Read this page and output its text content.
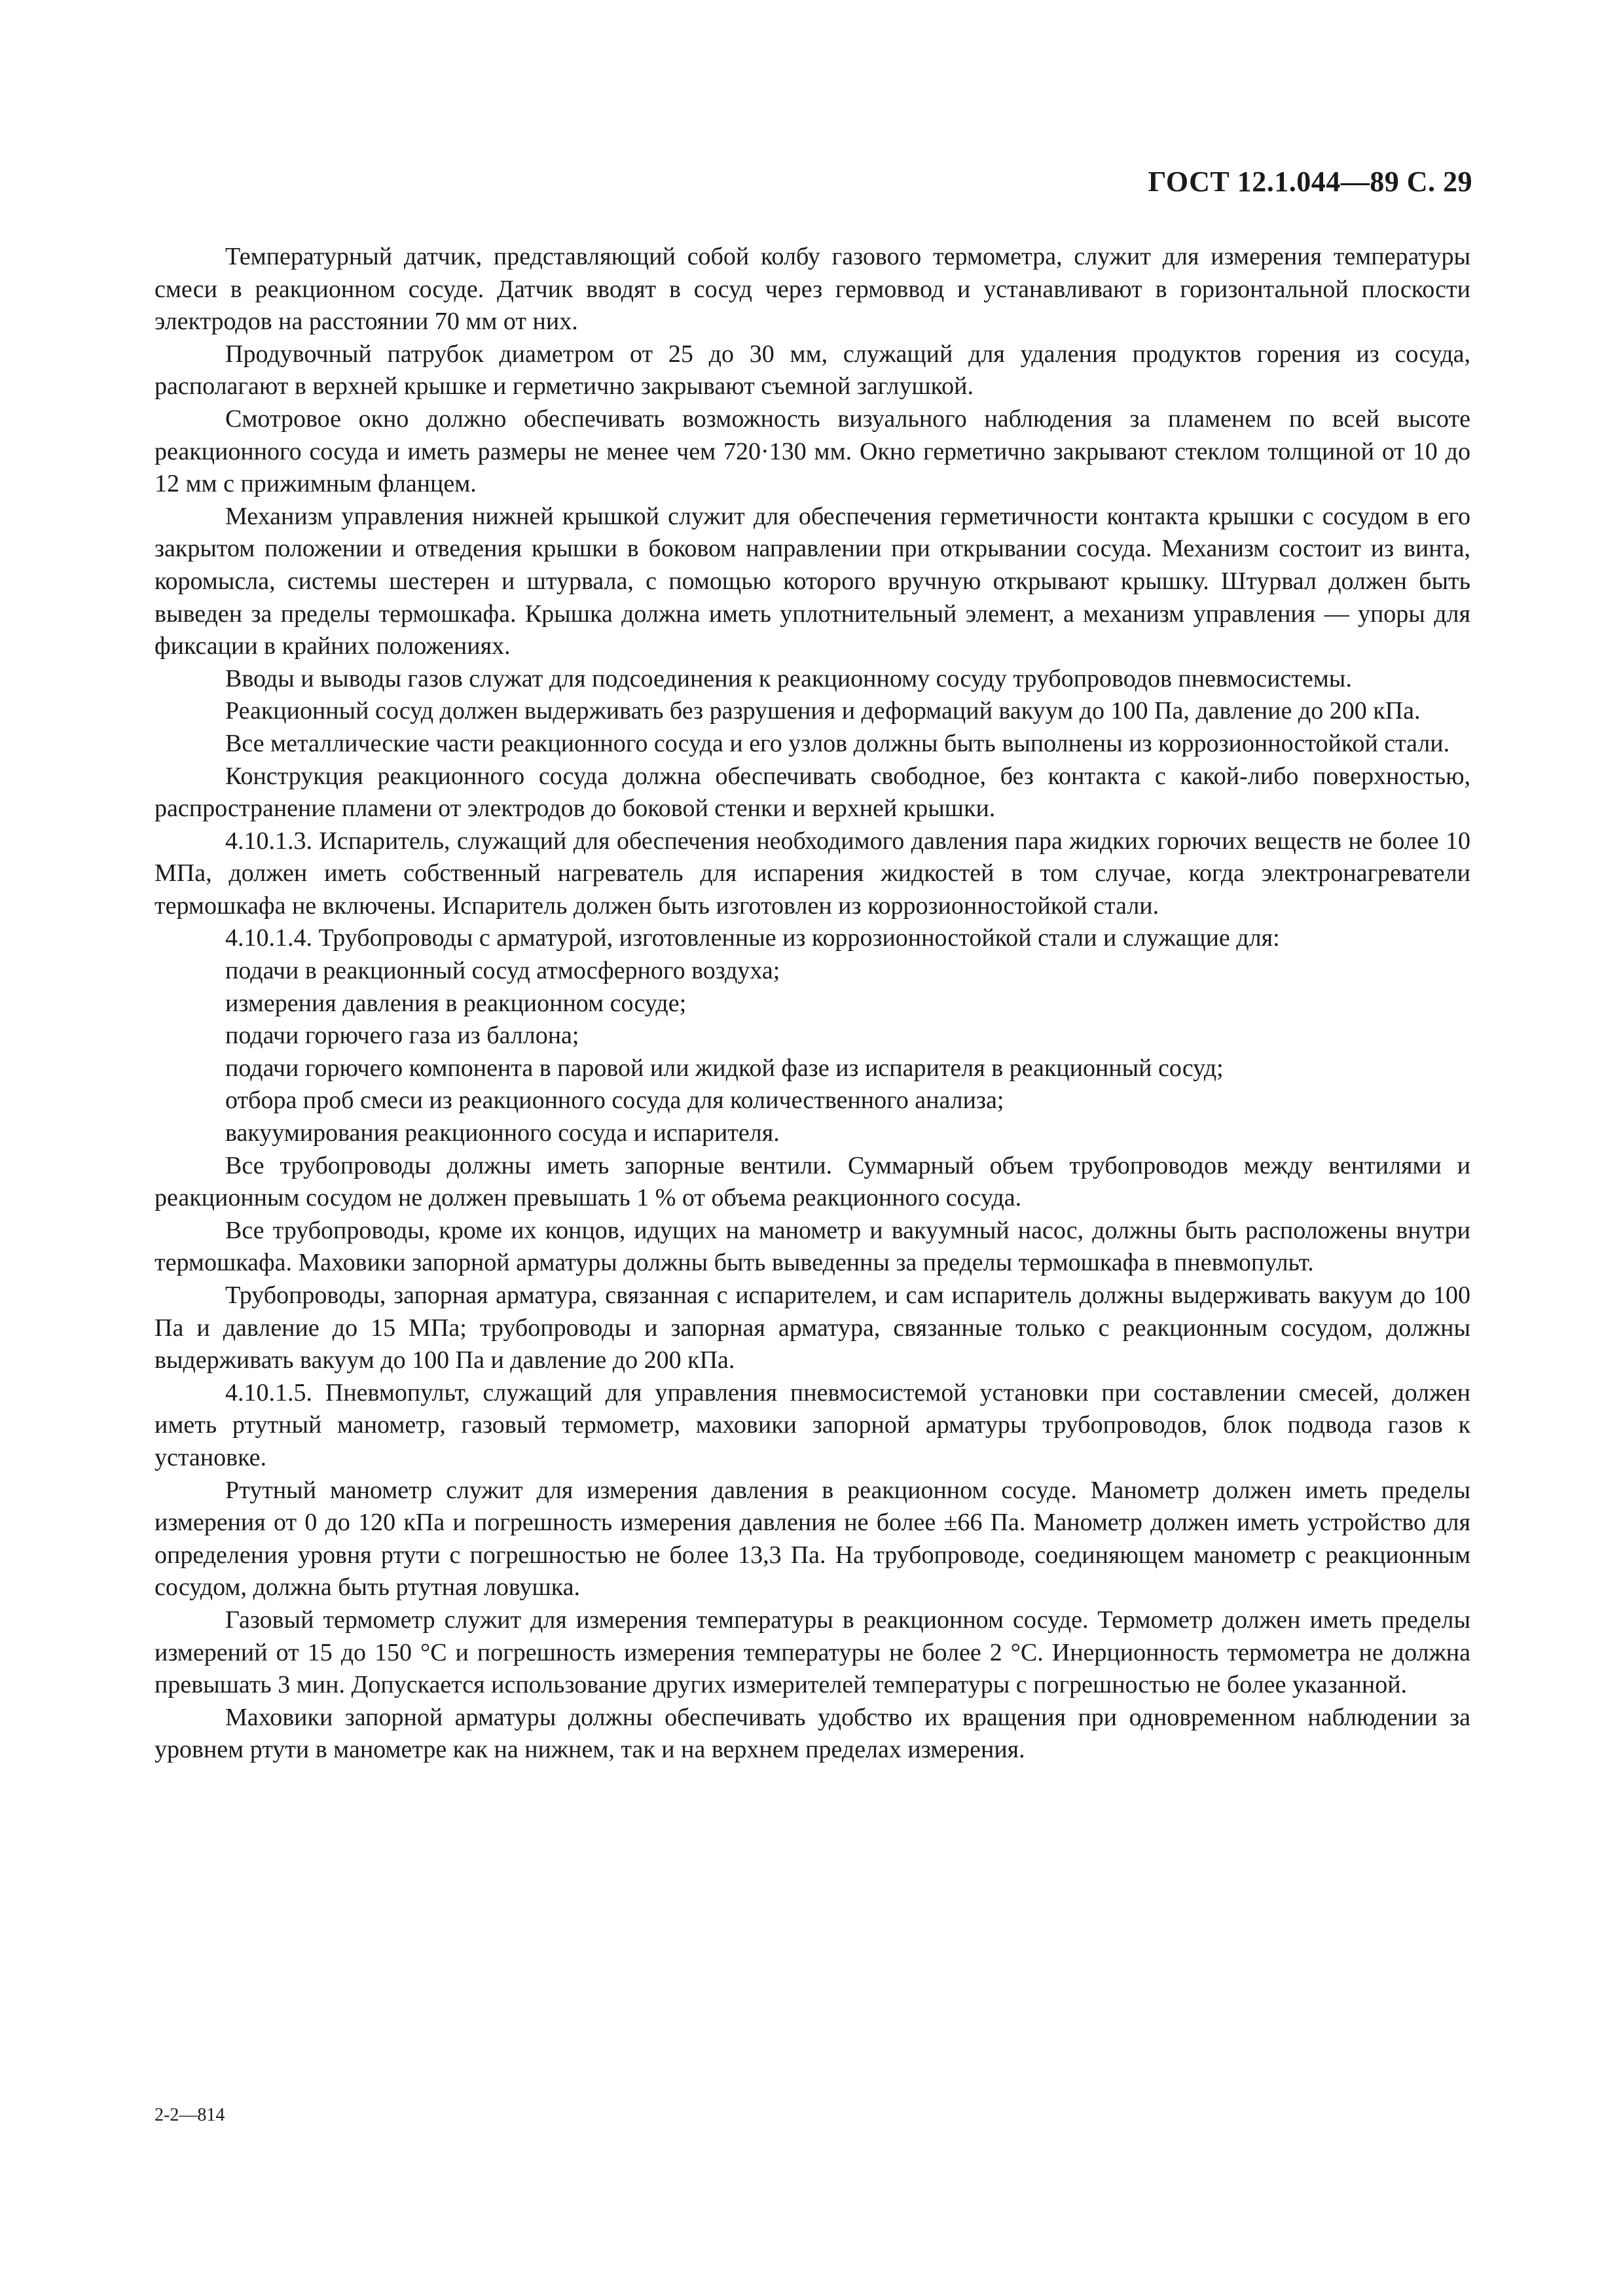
ГОСТ 12.1.044—89 С. 29

Температурный датчик, представляющий собой колбу газового термометра, служит для измерения температуры смеси в реакционном сосуде. Датчик вводят в сосуд через гермоввод и устанавливают в горизонтальной плоскости электродов на расстоянии 70 мм от них.

Продувочный патрубок диаметром от 25 до 30 мм, служащий для удаления продуктов горения из сосуда, располагают в верхней крышке и герметично закрывают съемной заглушкой.

Смотровое окно должно обеспечивать возможность визуального наблюдения за пламенем по всей высоте реакционного сосуда и иметь размеры не менее чем 720·130 мм. Окно герметично закрывают стеклом толщиной от 10 до 12 мм с прижимным фланцем.

Механизм управления нижней крышкой служит для обеспечения герметичности контакта крышки с сосудом в его закрытом положении и отведения крышки в боковом направлении при открывании сосуда. Механизм состоит из винта, коромысла, системы шестерен и штурвала, с помощью которого вручную открывают крышку. Штурвал должен быть выведен за пределы термошкафа. Крышка должна иметь уплотнительный элемент, а механизм управления — упоры для фиксации в крайних положениях.

Вводы и выводы газов служат для подсоединения к реакционному сосуду трубопроводов пневмосистемы.

Реакционный сосуд должен выдерживать без разрушения и деформаций вакуум до 100 Па, давление до 200 кПа.

Все металлические части реакционного сосуда и его узлов должны быть выполнены из коррозионностойкой стали.

Конструкция реакционного сосуда должна обеспечивать свободное, без контакта с какой-либо поверхностью, распространение пламени от электродов до боковой стенки и верхней крышки.

4.10.1.3. Испаритель, служащий для обеспечения необходимого давления пара жидких горючих веществ не более 10 МПа, должен иметь собственный нагреватель для испарения жидкостей в том случае, когда электронагреватели термошкафа не включены. Испаритель должен быть изготовлен из коррозионностойкой стали.

4.10.1.4. Трубопроводы с арматурой, изготовленные из коррозионностойкой стали и служащие для:

подачи в реакционный сосуд атмосферного воздуха;

измерения давления в реакционном сосуде;

подачи горючего газа из баллона;

подачи горючего компонента в паровой или жидкой фазе из испарителя в реакционный сосуд;

отбора проб смеси из реакционного сосуда для количественного анализа;

вакуумирования реакционного сосуда и испарителя.

Все трубопроводы должны иметь запорные вентили. Суммарный объем трубопроводов между вентилями и реакционным сосудом не должен превышать 1 % от объема реакционного сосуда.

Все трубопроводы, кроме их концов, идущих на манометр и вакуумный насос, должны быть расположены внутри термошкафа. Маховики запорной арматуры должны быть выведенны за пределы термошкафа в пневмопульт.

Трубопроводы, запорная арматура, связанная с испарителем, и сам испаритель должны выдерживать вакуум до 100 Па и давление до 15 МПа; трубопроводы и запорная арматура, связанные только с реакционным сосудом, должны выдерживать вакуум до 100 Па и давление до 200 кПа.

4.10.1.5. Пневмопульт, служащий для управления пневмосистемой установки при составлении смесей, должен иметь ртутный манометр, газовый термометр, маховики запорной арматуры трубопроводов, блок подвода газов к установке.

Ртутный манометр служит для измерения давления в реакционном сосуде. Манометр должен иметь пределы измерения от 0 до 120 кПа и погрешность измерения давления не более ±66 Па. Манометр должен иметь устройство для определения уровня ртути с погрешностью не более 13,3 Па. На трубопроводе, соединяющем манометр с реакционным сосудом, должна быть ртутная ловушка.

Газовый термометр служит для измерения температуры в реакционном сосуде. Термометр должен иметь пределы измерений от 15 до 150 °С и погрешность измерения температуры не более 2 °С. Инерционность термометра не должна превышать 3 мин. Допускается использование других измерителей температуры с погрешностью не более указанной.

Маховики запорной арматуры должны обеспечивать удобство их вращения при одновременном наблюдении за уровнем ртути в манометре как на нижнем, так и на верхнем пределах измерения.

2-2—814
